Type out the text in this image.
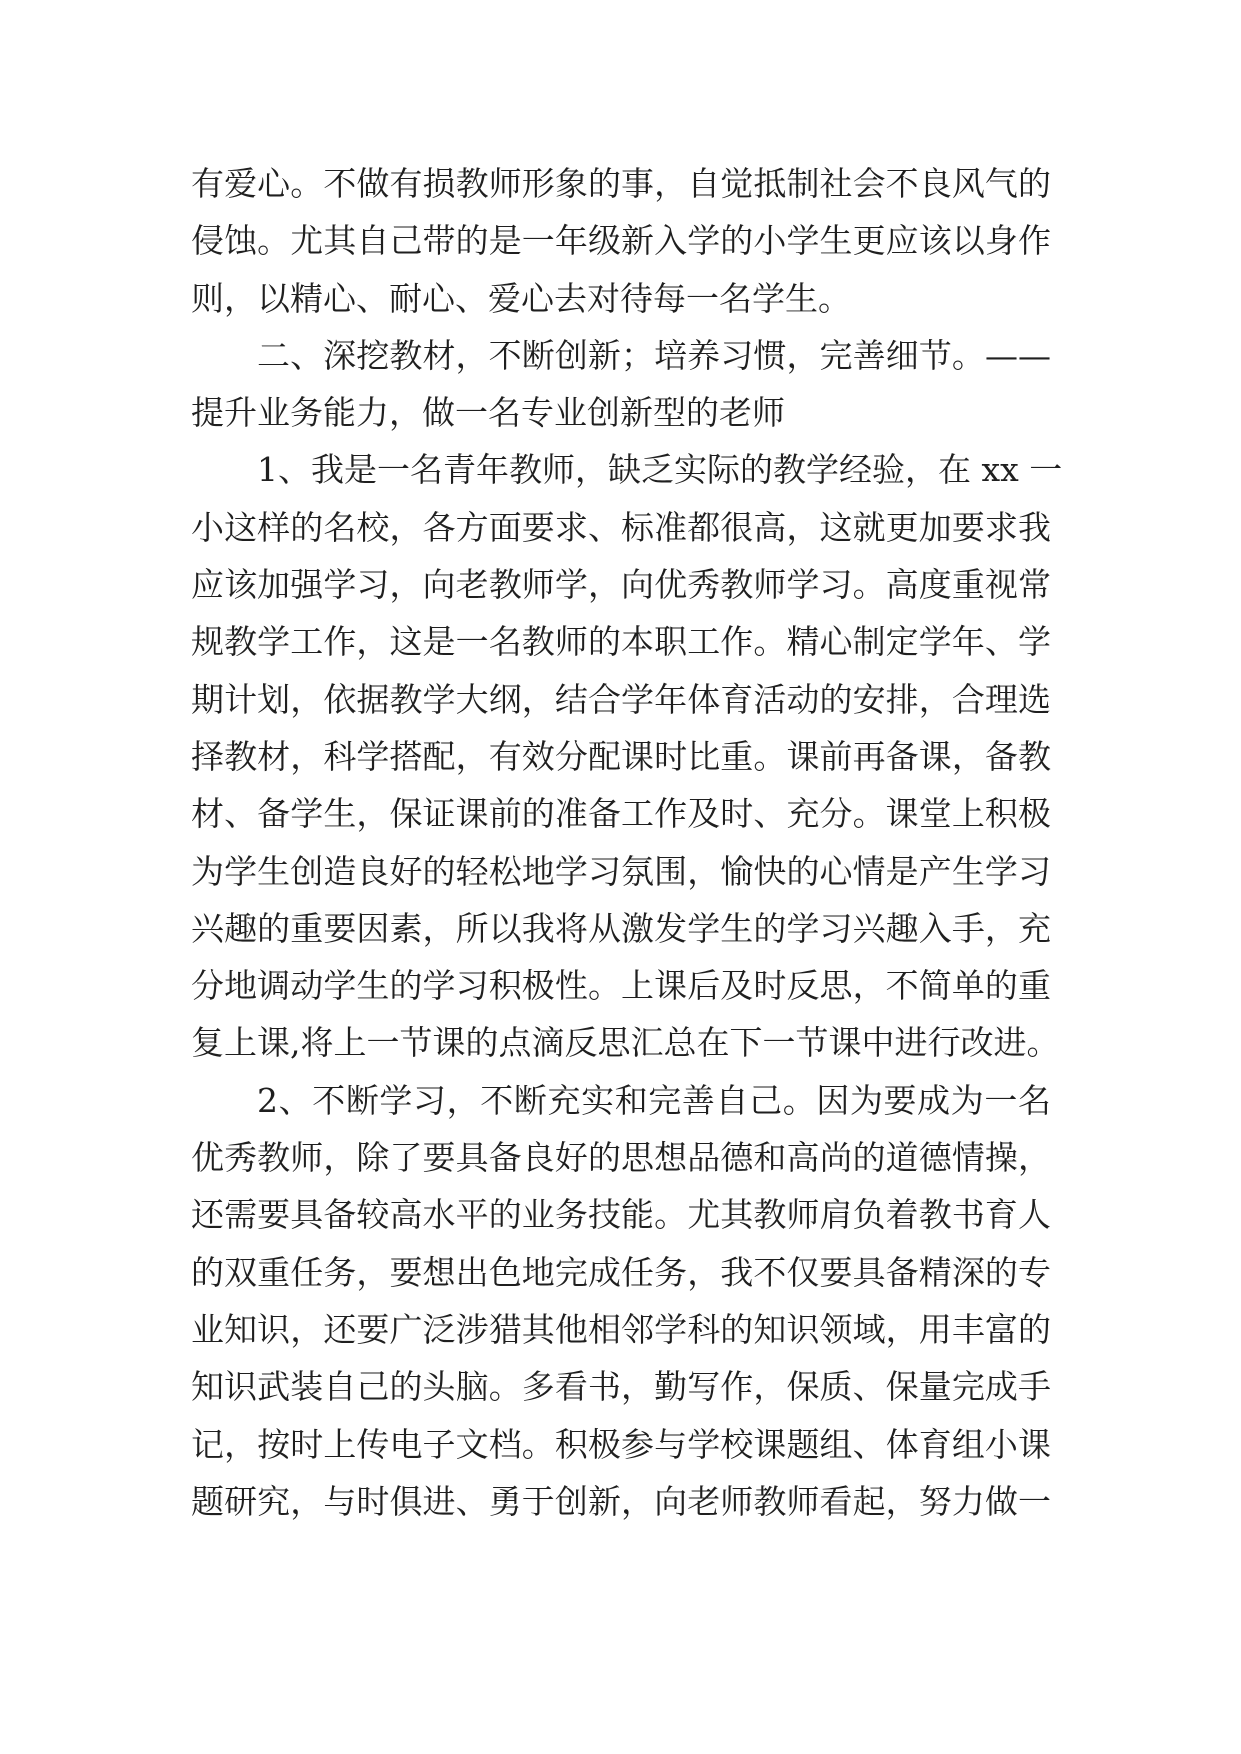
有爱心。不做有损教师形象的事，自觉抵制社会不良风气的
侵蚀。尤其自己带的是一年级新入学的小学生更应该以身作
则，以精心、耐心、爱心去对待每一名学生。
二、深挖教材，不断创新；培养习惯，完善细节。——
提升业务能力，做一名专业创新型的老师
1、我是一名青年教师，缺乏实际的教学经验，在 xx 一
小这样的名校，各方面要求、标准都很高，这就更加要求我
应该加强学习，向老教师学，向优秀教师学习。高度重视常
规教学工作，这是一名教师的本职工作。精心制定学年、学
期计划，依据教学大纲，结合学年体育活动的安排，合理选
择教材，科学搭配，有效分配课时比重。课前再备课，备教
材、备学生，保证课前的准备工作及时、充分。课堂上积极
为学生创造良好的轻松地学习氛围，愉快的心情是产生学习
兴趣的重要因素，所以我将从激发学生的学习兴趣入手，充
分地调动学生的学习积极性。上课后及时反思，不简单的重
复上课,将上一节课的点滴反思汇总在下一节课中进行改进。
2、不断学习，不断充实和完善自己。因为要成为一名
优秀教师，除了要具备良好的思想品德和高尚的道德情操，
还需要具备较高水平的业务技能。尤其教师肩负着教书育人
的双重任务，要想出色地完成任务，我不仅要具备精深的专
业知识，还要广泛涉猎其他相邻学科的知识领域，用丰富的
知识武装自己的头脑。多看书，勤写作，保质、保量完成手
记，按时上传电子文档。积极参与学校课题组、体育组小课
题研究，与时俱进、勇于创新，向老师教师看起，努力做一
